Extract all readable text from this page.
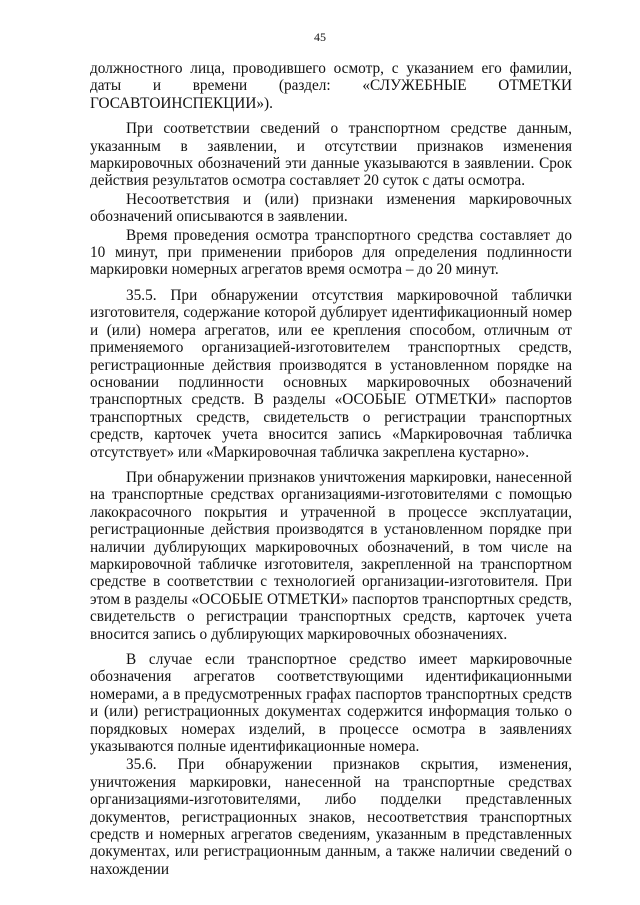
45

должностного лица, проводившего осмотр, с указанием его фамилии, даты и времени (раздел: «СЛУЖЕБНЫЕ ОТМЕТКИ ГОСАВТОИНСПЕКЦИИ»).

При соответствии сведений о транспортном средстве данным, указанным в заявлении, и отсутствии признаков изменения маркировочных обозначений эти данные указываются в заявлении. Срок действия результатов осмотра составляет 20 суток с даты осмотра.

Несоответствия и (или) признаки изменения маркировочных обозначений описываются в заявлении.

Время проведения осмотра транспортного средства составляет до 10 минут, при применении приборов для определения подлинности маркировки номерных агрегатов время осмотра – до 20 минут.

35.5. При обнаружении отсутствия маркировочной таблички изготовителя, содержание которой дублирует идентификационный номер и (или) номера агрегатов, или ее крепления способом, отличным от применяемого организацией-изготовителем транспортных средств, регистрационные действия производятся в установленном порядке на основании подлинности основных маркировочных обозначений транспортных средств. В разделы «ОСОБЫЕ ОТМЕТКИ» паспортов транспортных средств, свидетельств о регистрации транспортных средств, карточек учета вносится запись «Маркировочная табличка отсутствует» или «Маркировочная табличка закреплена кустарно».

При обнаружении признаков уничтожения маркировки, нанесенной на транспортные средствах организациями-изготовителями с помощью лакокрасочного покрытия и утраченной в процессе эксплуатации, регистрационные действия производятся в установленном порядке при наличии дублирующих маркировочных обозначений, в том числе на маркировочной табличке изготовителя, закрепленной на транспортном средстве в соответствии с технологией организации-изготовителя. При этом в разделы «ОСОБЫЕ ОТМЕТКИ» паспортов транспортных средств, свидетельств о регистрации транспортных средств, карточек учета вносится запись о дублирующих маркировочных обозначениях.

В случае если транспортное средство имеет маркировочные обозначения агрегатов соответствующими идентификационными номерами, а в предусмотренных графах паспортов транспортных средств и (или) регистрационных документах содержится информация только о порядковых номерах изделий, в процессе осмотра в заявлениях указываются полные идентификационные номера.

35.6. При обнаружении признаков скрытия, изменения, уничтожения маркировки, нанесенной на транспортные средствах организациями-изготовителями, либо подделки представленных документов, регистрационных знаков, несоответствия транспортных средств и номерных агрегатов сведениям, указанным в представленных документах, или регистрационным данным, а также наличии сведений о нахождении
